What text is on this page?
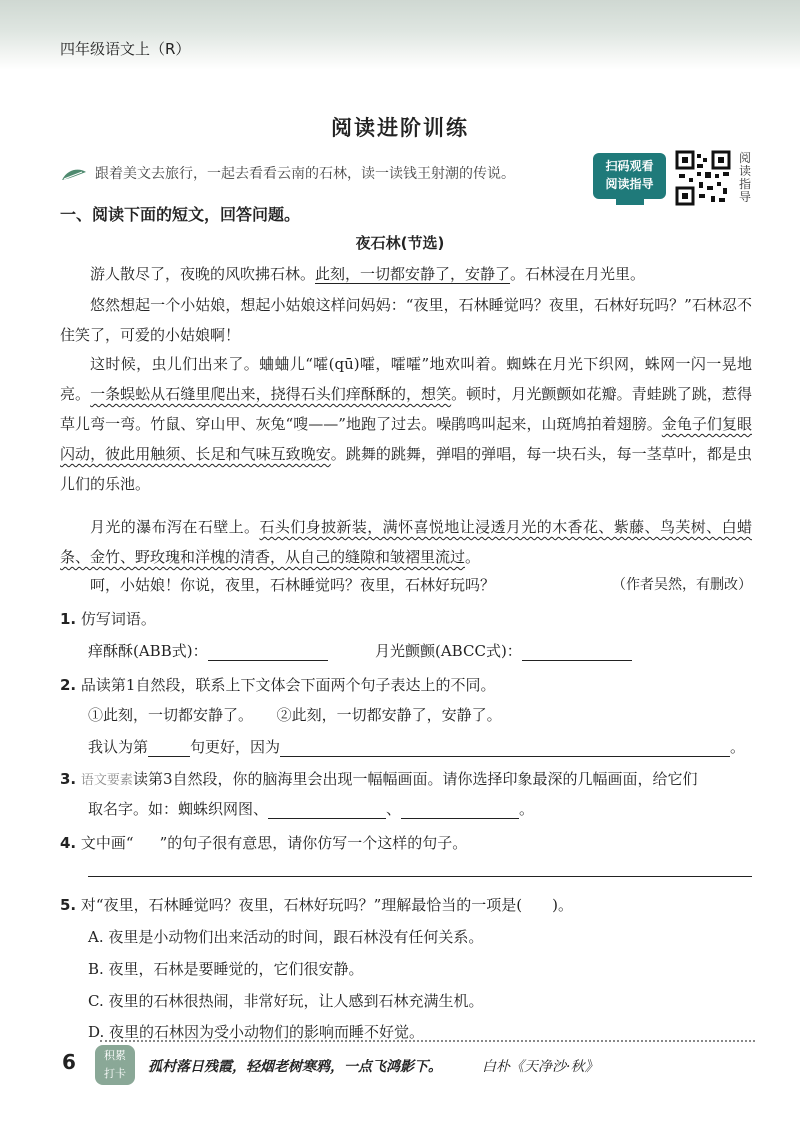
四年级语文上（R）
阅读进阶训练
跟着美文去旅行，一起去看看云南的石林，读一读钱王射潮的传说。	扫码观看
阅读指导
阅读指导
一、阅读下面的短文，回答问题。
夜石林(节选)

游人散尽了，夜晚的风吹拂石林。此刻，一切都安静了，安静了。石林浸在月光里。

悠然想起一个小姑娘，想起小姑娘这样问妈妈：“夜里，石林睡觉吗？夜里，石林好玩吗？”石林忍不住笑了，可爱的小姑娘啊！

这时候，虫儿们出来了。蛐蛐儿“嚯(qū)嚯，嚯嚯”地欢叫着。蜘蛛在月光下织网，蛛网一闪一晃地亮。一条蜈蚣从石缝里爬出来，挠得石头们痒酥酥的，想笑。顿时，月光颤颤如花瓣。青蛙跳了跳，惹得草儿弯一弯。竹鼠、穿山甲、灰兔“嗖——”地跑了过去。噪鹃鸣叫起来，山斑鸠拍着翅膀。金龟子们复眼闪动，彼此用触须、长足和气味互致晚安。跳舞的跳舞，弹唱的弹唱，每一块石头，每一茎草叶，都是虫儿们的乐池。

月光的瀑布泻在石壁上。石头们身披新装，满怀喜悦地让浸透月光的木香花、紫藤、鸟芙树、白蜡条、金竹、野玫瑰和洋槐的清香，从自己的缝隙和皱褶里流过。

呵，小姑娘！你说，夜里，石林睡觉吗？夜里，石林好玩吗？	（作者吴然，有删改）
1. 仿写词语。
痒酥酥(ABB式)：	月光颤颤(ABCC式)：
2. 品读第1自然段，联系上下文体会下面两个句子表达上的不同。
①此刻，一切都安静了。 ②此刻，一切都安静了，安静了。
我认为第	句更好，因为	。
3. 语文要素读第3自然段，你的脑海里会出现一幅幅画面。请你选择印象最深的几幅画面，给它们
取名字。如：蜘蛛织网图、	、	。
4. 文中画“ ”的句子很有意思，请你仿写一个这样的句子。
5. 对“夜里，石林睡觉吗？夜里，石林好玩吗？”理解最恰当的一项是(　　)。
A. 夜里是小动物们出来活动的时间，跟石林没有任何关系。
B. 夜里，石林是要睡觉的，它们很安静。
C. 夜里的石林很热闹，非常好玩，让人感到石林充满生机。
D. 夜里的石林因为受小动物们的影响而睡不好觉。
6	积累
打卡	孤村落日残霞，轻烟老树寒鸦，一点飞鸿影下。	白朴《天净沙·秋》
